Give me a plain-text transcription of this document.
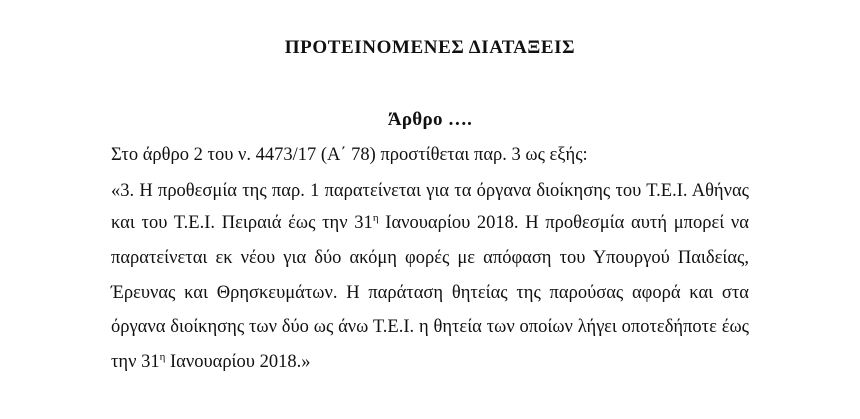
ΠΡΟΤΕΙΝΟΜΕΝΕΣ ΔΙΑΤΑΞΕΙΣ
Άρθρο ….
Στο άρθρο 2 του ν. 4473/17 (Α΄ 78) προστίθεται παρ. 3 ως εξής:
«3. Η προθεσμία της παρ. 1 παρατείνεται για τα όργανα διοίκησης του Τ.Ε.Ι. Αθήνας
και του Τ.Ε.Ι. Πειραιά έως την $31^\eta$ Ιανουαρίου 2018. Η προθεσμία αυτή μπορεί να
παρατείνεται εκ νέου για δύο ακόμη φορές με απόφαση του Υπουργού Παιδείας,
Έρευνας και Θρησκευμάτων. Η παράταση θητείας της παρούσας αφορά και στα
όργανα διοίκησης των δύο ως άνω Τ.Ε.Ι. η θητεία των οποίων λήγει οποτεδήποτε έως
την $31^\eta$ Ιανουαρίου 2018.»
